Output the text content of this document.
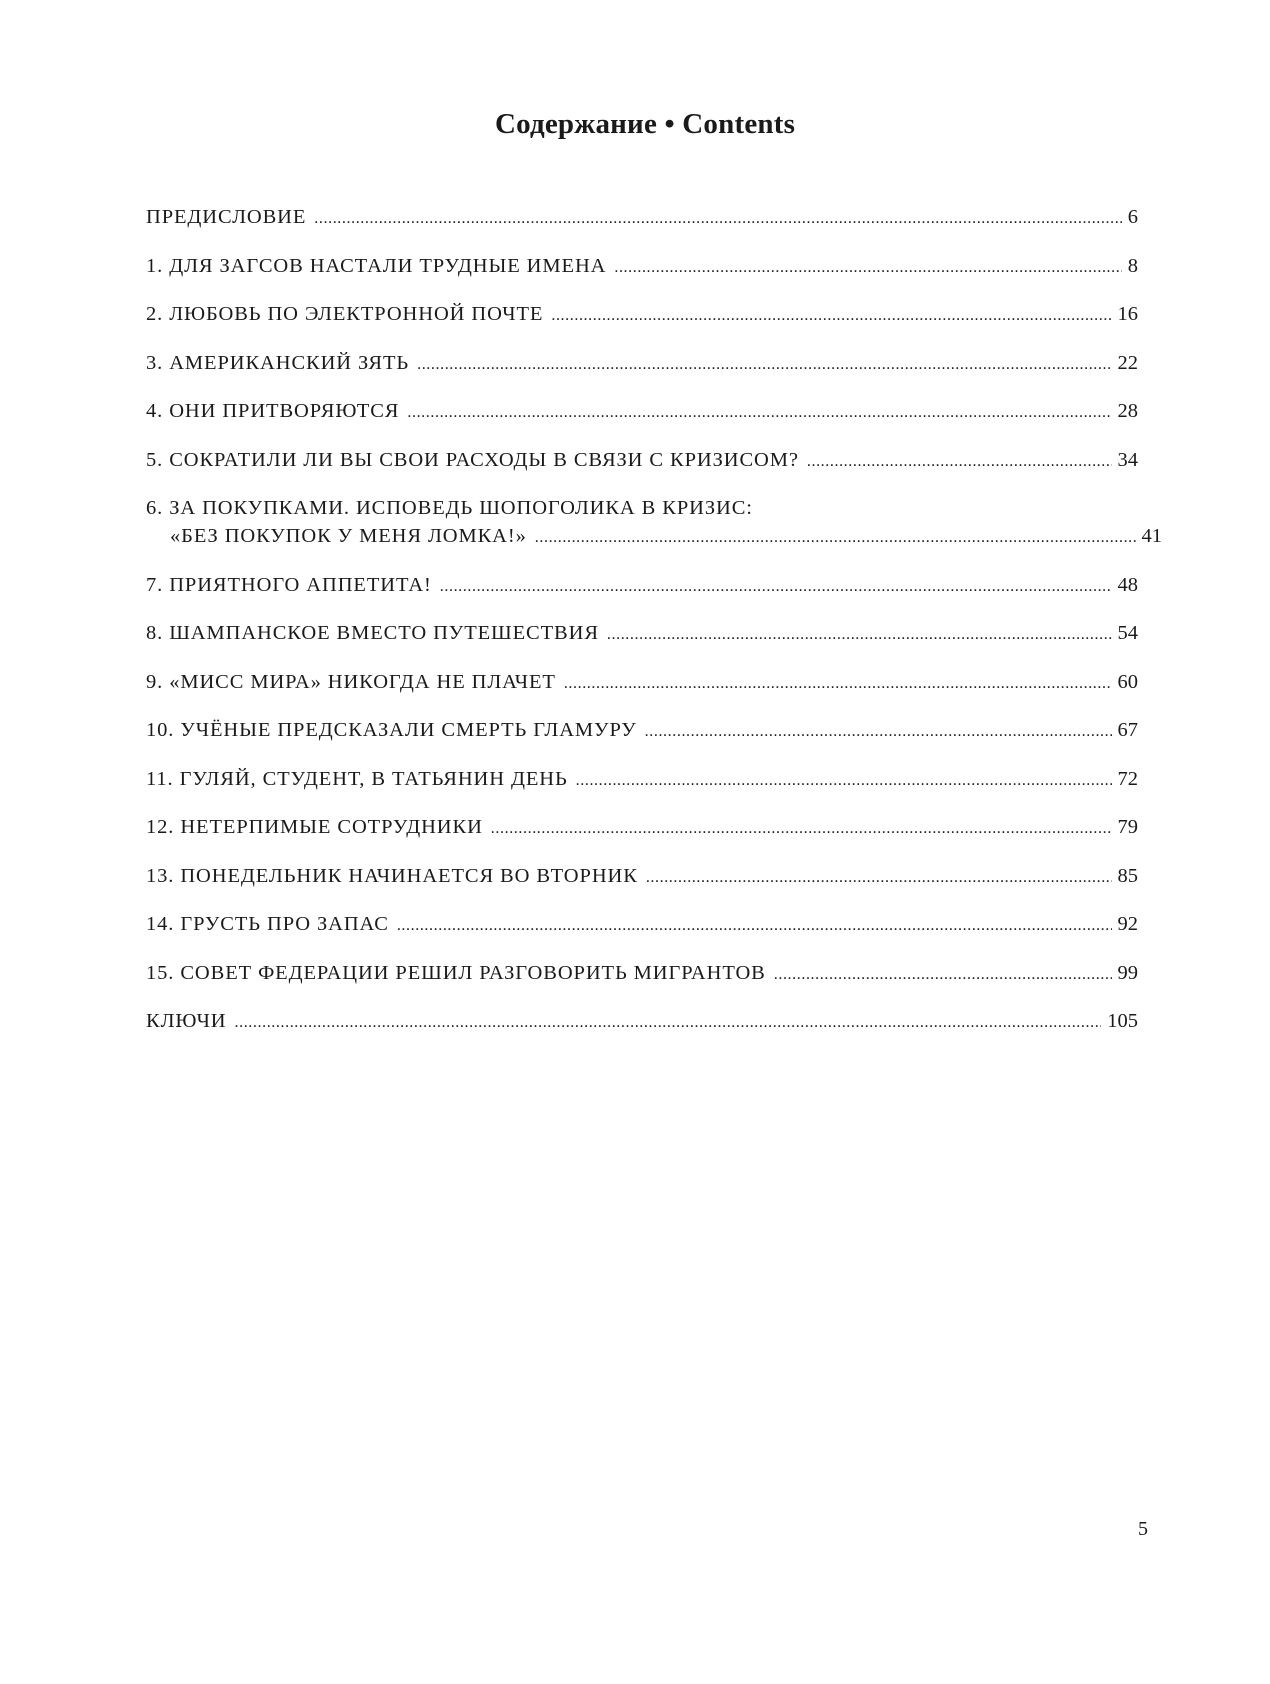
Содержание • Contents
ПРЕДИСЛОВИЕ .....	6
1. ДЛЯ ЗАГСОВ НАСТАЛИ ТРУДНЫЕ ИМЕНА .....	8
2. ЛЮБОВЬ ПО ЭЛЕКТРОННОЙ ПОЧТЕ .....	16
3. АМЕРИКАНСКИЙ ЗЯТЬ .....	22
4. ОНИ ПРИТВОРЯЮТСЯ .....	28
5. СОКРАТИЛИ ЛИ ВЫ СВОИ РАСХОДЫ В СВЯЗИ С КРИЗИСОМ? .....	34
6. ЗА ПОКУПКАМИ. ИСПОВЕДЬ ШОПОГОЛИКА В КРИЗИС:
«БЕЗ ПОКУПОК У МЕНЯ ЛОМКА!» .....	41
7. ПРИЯТНОГО АППЕТИТА! .....	48
8. ШАМПАНСКОЕ ВМЕСТО ПУТЕШЕСТВИЯ .....	54
9. «МИСС МИРА» НИКОГДА НЕ ПЛАЧЕТ .....	60
10. УЧЁНЫЕ ПРЕДСКАЗАЛИ СМЕРТЬ ГЛАМУРУ .....	67
11. ГУЛЯЙ, СТУДЕНТ, В ТАТЬЯНИН ДЕНЬ .....	72
12. НЕТЕРПИМЫЕ СОТРУДНИКИ .....	79
13. ПОНЕДЕЛЬНИК НАЧИНАЕТСЯ ВО ВТОРНИК .....	85
14. ГРУСТЬ ПРО ЗАПАС .....	92
15. СОВЕТ ФЕДЕРАЦИИ РЕШИЛ РАЗГОВОРИТЬ МИГРАНТОВ .....	99
КЛЮЧИ .....	105
5
